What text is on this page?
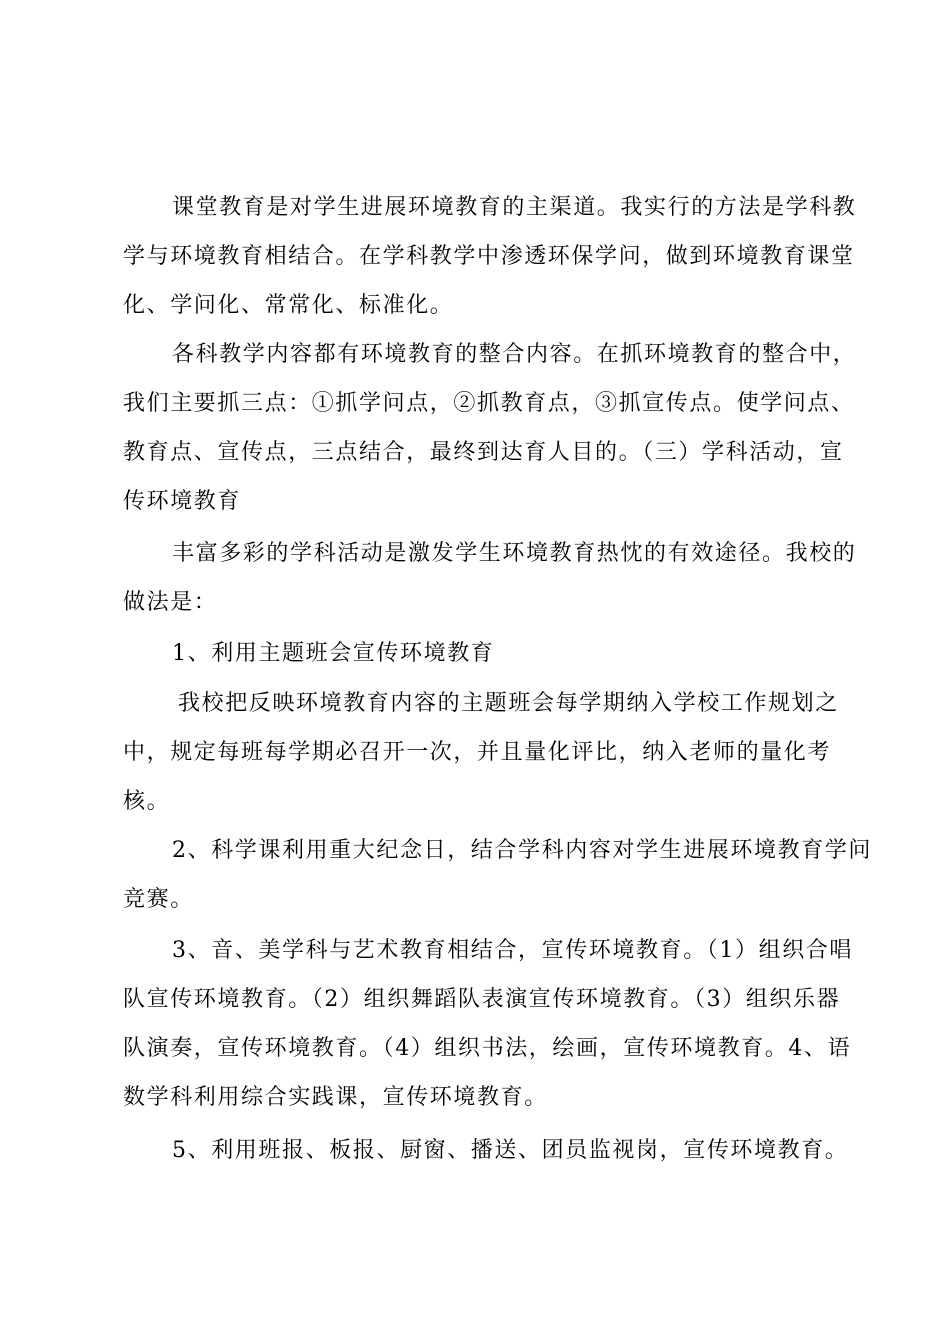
课堂教育是对学生进展环境教育的主渠道。我实行的方法是学科教
学与环境教育相结合。在学科教学中渗透环保学问，做到环境教育课堂
化、学问化、常常化、标准化。
各科教学内容都有环境教育的整合内容。在抓环境教育的整合中，
我们主要抓三点：①抓学问点，②抓教育点，③抓宣传点。使学问点、
教育点、宣传点，三点结合，最终到达育人目的。（三）学科活动，宣
传环境教育
丰富多彩的学科活动是激发学生环境教育热忱的有效途径。我校的
做法是：
1、利用主题班会宣传环境教育
我校把反映环境教育内容的主题班会每学期纳入学校工作规划之
中，规定每班每学期必召开一次，并且量化评比，纳入老师的量化考
核。
2、科学课利用重大纪念日，结合学科内容对学生进展环境教育学问
竞赛。
3、音、美学科与艺术教育相结合，宣传环境教育。（1）组织合唱
队宣传环境教育。（2）组织舞蹈队表演宣传环境教育。（3）组织乐器
队演奏，宣传环境教育。（4）组织书法，绘画，宣传环境教育。4、语
数学科利用综合实践课，宣传环境教育。
5、利用班报、板报、厨窗、播送、团员监视岗，宣传环境教育。
